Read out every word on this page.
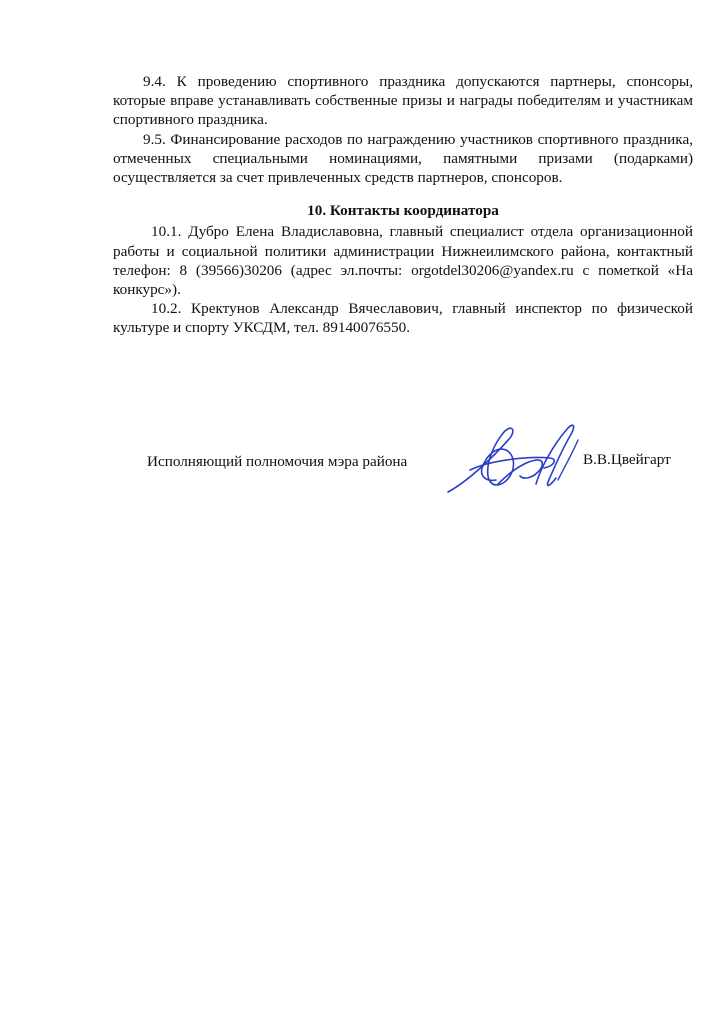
9.4. К проведению спортивного праздника допускаются партнеры, спонсоры, которые вправе устанавливать собственные призы и награды победителям и участникам спортивного праздника.

9.5. Финансирование расходов по награждению участников спортивного праздника, отмеченных специальными номинациями, памятными призами (подарками) осуществляется за счет привлеченных средств партнеров, спонсоров.

10. Контакты координатора

10.1. Дубро Елена Владиславовна, главный специалист отдела организационной работы и социальной политики администрации Нижнеилимского района, контактный телефон: 8 (39566)30206 (адрес эл.почты: orgotdel30206@yandex.ru с пометкой «На конкурс»).

10.2. Кректунов Александр Вячеславович, главный инспектор по физической культуре и спорту УКСДМ, тел. 89140076550.

Исполняющий полномочия мэра района	В.В.Цвейгарт
